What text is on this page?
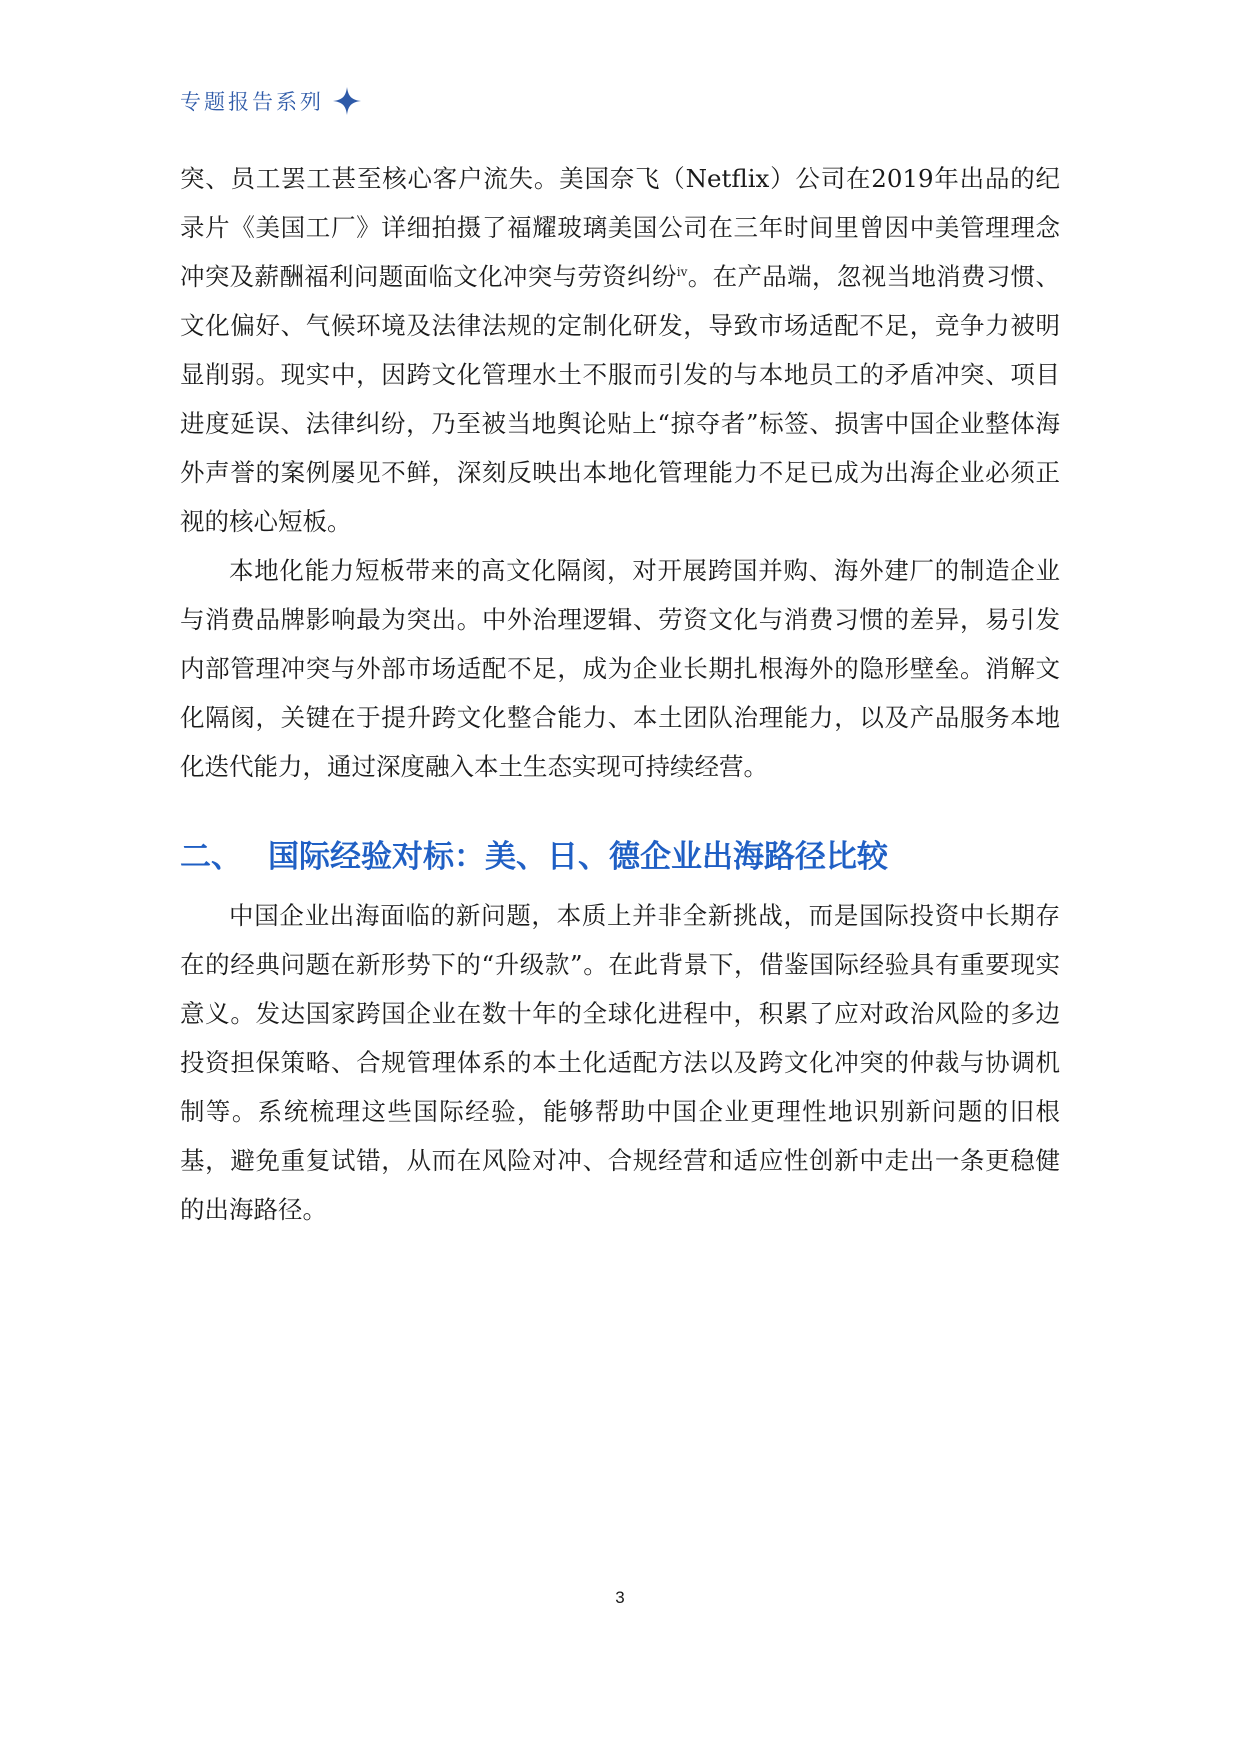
专题报告系列

突、员工罢工甚至核心客户流失。美国奈飞（Netflix）公司在2019年出品的纪录片《美国工厂》详细拍摄了福耀玻璃美国公司在三年时间里曾因中美管理理念冲突及薪酬福利问题面临文化冲突与劳资纠纷$^{iv}$。在产品端，忽视当地消费习惯、文化偏好、气候环境及法律法规的定制化研发，导致市场适配不足，竞争力被明显削弱。现实中，因跨文化管理水土不服而引发的与本地员工的矛盾冲突、项目进度延误、法律纠纷，乃至被当地舆论贴上“掠夺者”标签、损害中国企业整体海外声誉的案例屡见不鲜，深刻反映出本地化管理能力不足已成为出海企业必须正视的核心短板。

本地化能力短板带来的高文化隔阂，对开展跨国并购、海外建厂的制造企业与消费品牌影响最为突出。中外治理逻辑、劳资文化与消费习惯的差异，易引发内部管理冲突与外部市场适配不足，成为企业长期扎根海外的隐形壁垒。消解文化隔阂，关键在于提升跨文化整合能力、本土团队治理能力，以及产品服务本地化迭代能力，通过深度融入本土生态实现可持续经营。

二、 国际经验对标：美、日、德企业出海路径比较

中国企业出海面临的新问题，本质上并非全新挑战，而是国际投资中长期存在的经典问题在新形势下的“升级款”。在此背景下，借鉴国际经验具有重要现实意义。发达国家跨国企业在数十年的全球化进程中，积累了应对政治风险的多边投资担保策略、合规管理体系的本土化适配方法以及跨文化冲突的仲裁与协调机制等。系统梳理这些国际经验，能够帮助中国企业更理性地识别新问题的旧根基，避免重复试错，从而在风险对冲、合规经营和适应性创新中走出一条更稳健的出海路径。

3
